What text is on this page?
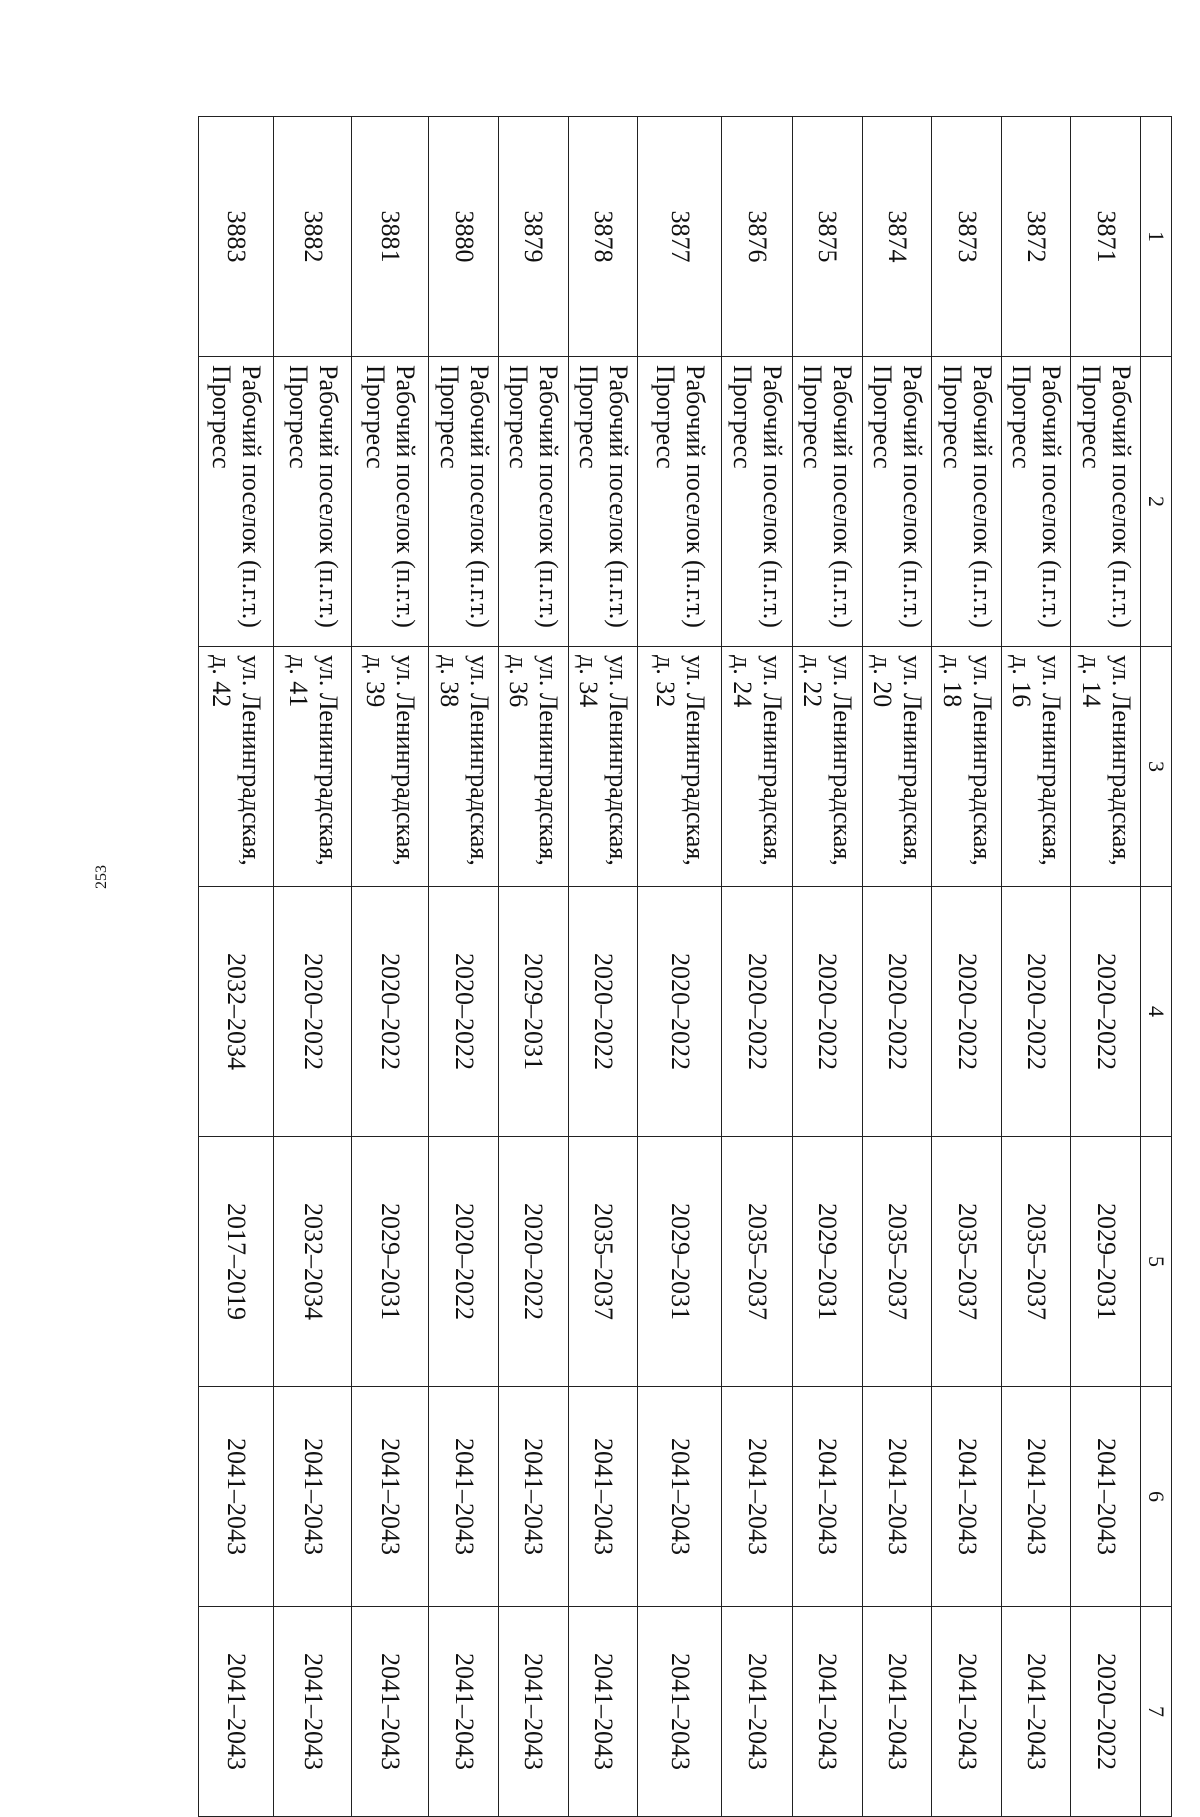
253
1	2	3	4	5	6	7
3871	Рабочий поселок (п.г.т.) Прогресс	ул. Ленинградская, д. 14	2020–2022	2029–2031	2041–2043	2020–2022
3872	Рабочий поселок (п.г.т.) Прогресс	ул. Ленинградская, д. 16	2020–2022	2035–2037	2041–2043	2041–2043
3873	Рабочий поселок (п.г.т.) Прогресс	ул. Ленинградская, д. 18	2020–2022	2035–2037	2041–2043	2041–2043
3874	Рабочий поселок (п.г.т.) Прогресс	ул. Ленинградская, д. 20	2020–2022	2035–2037	2041–2043	2041–2043
3875	Рабочий поселок (п.г.т.) Прогресс	ул. Ленинградская, д. 22	2020–2022	2029–2031	2041–2043	2041–2043
3876	Рабочий поселок (п.г.т.) Прогресс	ул. Ленинградская, д. 24	2020–2022	2035–2037	2041–2043	2041–2043
3877	Рабочий поселок (п.г.т.) Прогресс	ул. Ленинградская, д. 32	2020–2022	2029–2031	2041–2043	2041–2043
3878	Рабочий поселок (п.г.т.) Прогресс	ул. Ленинградская, д. 34	2020–2022	2035–2037	2041–2043	2041–2043
3879	Рабочий поселок (п.г.т.) Прогресс	ул. Ленинградская, д. 36	2029–2031	2020–2022	2041–2043	2041–2043
3880	Рабочий поселок (п.г.т.) Прогресс	ул. Ленинградская, д. 38	2020–2022	2020–2022	2041–2043	2041–2043
3881	Рабочий поселок (п.г.т.) Прогресс	ул. Ленинградская, д. 39	2020–2022	2029–2031	2041–2043	2041–2043
3882	Рабочий поселок (п.г.т.) Прогресс	ул. Ленинградская, д. 41	2020–2022	2032–2034	2041–2043	2041–2043
3883	Рабочий поселок (п.г.т.) Прогресс	ул. Ленинградская, д. 42	2032–2034	2017–2019	2041–2043	2041–2043
